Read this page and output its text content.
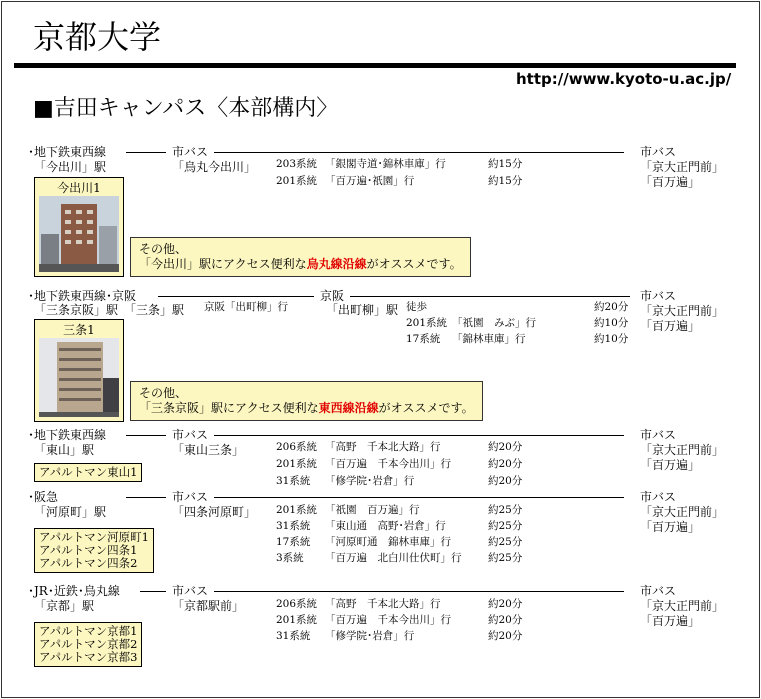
京都大学
http://www.kyoto-u.ac.jp/
■吉田キャンパス〈本部構内〉
･地下鉄東西線
「今出川」駅
市バス
「烏丸今出川」 203系統 「銀閣寺道･錦林車庫」行	約15分
201系統 「百万遍･祇園」行	約15分
市バス
「京大正門前」
「百万遍」
今出川1
その他、
「今出川」駅にアクセス便利な烏丸線沿線がオススメです。
･地下鉄東西線･京阪
「三条京阪」駅 「三条」駅 京阪「出町柳」行
京阪
「出町柳」駅 徒歩	約20分
201系統 「祇園　みぶ」行	約10分
17系統 「錦林車庫」行	約10分
市バス
「京大正門前」
「百万遍」
三条1
その他、
「三条京阪」駅にアクセス便利な東西線沿線がオススメです。
･地下鉄東西線
「東山」駅
市バス
「東山三条」	206系統 「高野　千本北大路」行	約20分
201系統 「百万遍　千本今出川」行	約20分
31系統 「修学院･岩倉」行	約20分
市バス
「京大正門前」
「百万遍」
アパルトマン東山1
･阪急
「河原町」駅
市バス
「四条河原町」 201系統 「祇園　百万遍」行	約25分
31系統 「東山通　高野･岩倉」行	約25分
17系統 「河原町通　錦林車庫」行	約25分
3系統 「百万遍　北白川仕伏町」行	約25分
市バス
「京大正門前」
「百万遍」
アパルトマン河原町1
アパルトマン四条1
アパルトマン四条2
･JR･近鉄･烏丸線
「京都」駅
市バス
「京都駅前」	206系統 「高野　千本北大路」行	約20分
201系統 「百万遍　千本今出川」行	約20分
31系統 「修学院･岩倉」行	約20分
市バス
「京大正門前」
「百万遍」
アパルトマン京都1
アパルトマン京都2
アパルトマン京都3
